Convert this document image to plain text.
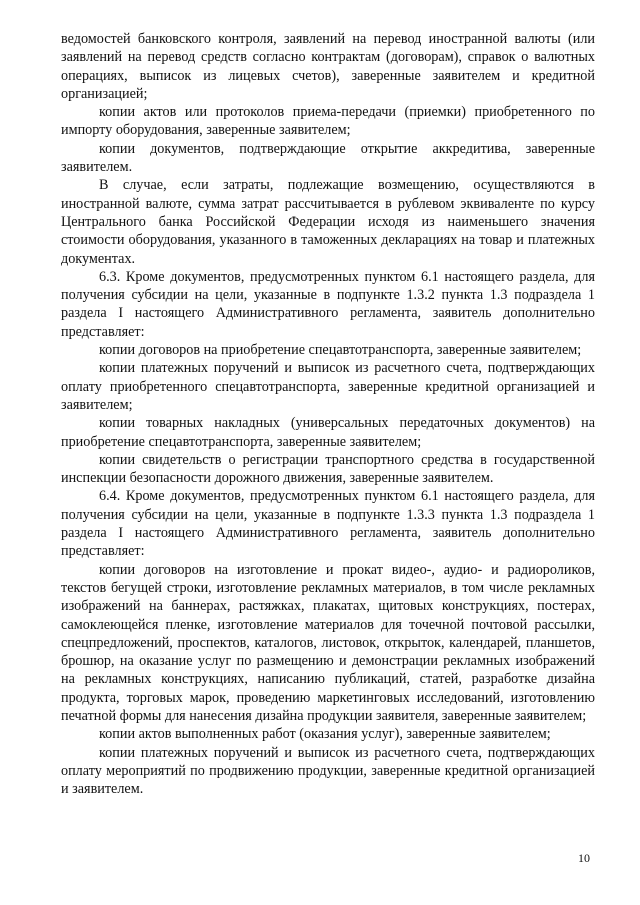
ведомостей банковского контроля, заявлений на перевод иностранной валюты (или заявлений на перевод средств согласно контрактам (договорам), справок о валютных операциях, выписок из лицевых счетов), заверенные заявителем и кредитной организацией;

копии актов или протоколов приема-передачи (приемки) приобретенного по импорту оборудования, заверенные заявителем;

копии документов, подтверждающие открытие аккредитива, заверенные заявителем.

В случае, если затраты, подлежащие возмещению, осуществляются в иностранной валюте, сумма затрат рассчитывается в рублевом эквиваленте по курсу Центрального банка Российской Федерации исходя из наименьшего значения стоимости оборудования, указанного в таможенных декларациях на товар и платежных документах.

6.3. Кроме документов, предусмотренных пунктом 6.1 настоящего раздела, для получения субсидии на цели, указанные в подпункте 1.3.2 пункта 1.3 подраздела 1 раздела I настоящего Административного регламента, заявитель дополнительно представляет:

копии договоров на приобретение спецавтотранспорта, заверенные заявителем;

копии платежных поручений и выписок из расчетного счета, подтверждающих оплату приобретенного спецавтотранспорта, заверенные кредитной организацией и заявителем;

копии товарных накладных (универсальных передаточных документов) на приобретение спецавтотранспорта, заверенные заявителем;

копии свидетельств о регистрации транспортного средства в государственной инспекции безопасности дорожного движения, заверенные заявителем.

6.4. Кроме документов, предусмотренных пунктом 6.1 настоящего раздела, для получения субсидии на цели, указанные в подпункте 1.3.3 пункта 1.3 подраздела 1 раздела I настоящего Административного регламента, заявитель дополнительно представляет:

копии договоров на изготовление и прокат видео-, аудио- и радиороликов, текстов бегущей строки, изготовление рекламных материалов, в том числе рекламных изображений на баннерах, растяжках, плакатах, щитовых конструкциях, постерах, самоклеющейся пленке, изготовление материалов для точечной почтовой рассылки, спецпредложений, проспектов, каталогов, листовок, открыток, календарей, планшетов, брошюр, на оказание услуг по размещению и демонстрации рекламных изображений на рекламных конструкциях, написанию публикаций, статей, разработке дизайна продукта, торговых марок, проведению маркетинговых исследований, изготовлению печатной формы для нанесения дизайна продукции заявителя, заверенные заявителем;

копии актов выполненных работ (оказания услуг), заверенные заявителем;

копии платежных поручений и выписок из расчетного счета, подтверждающих оплату мероприятий по продвижению продукции, заверенные кредитной организацией и заявителем.

10
